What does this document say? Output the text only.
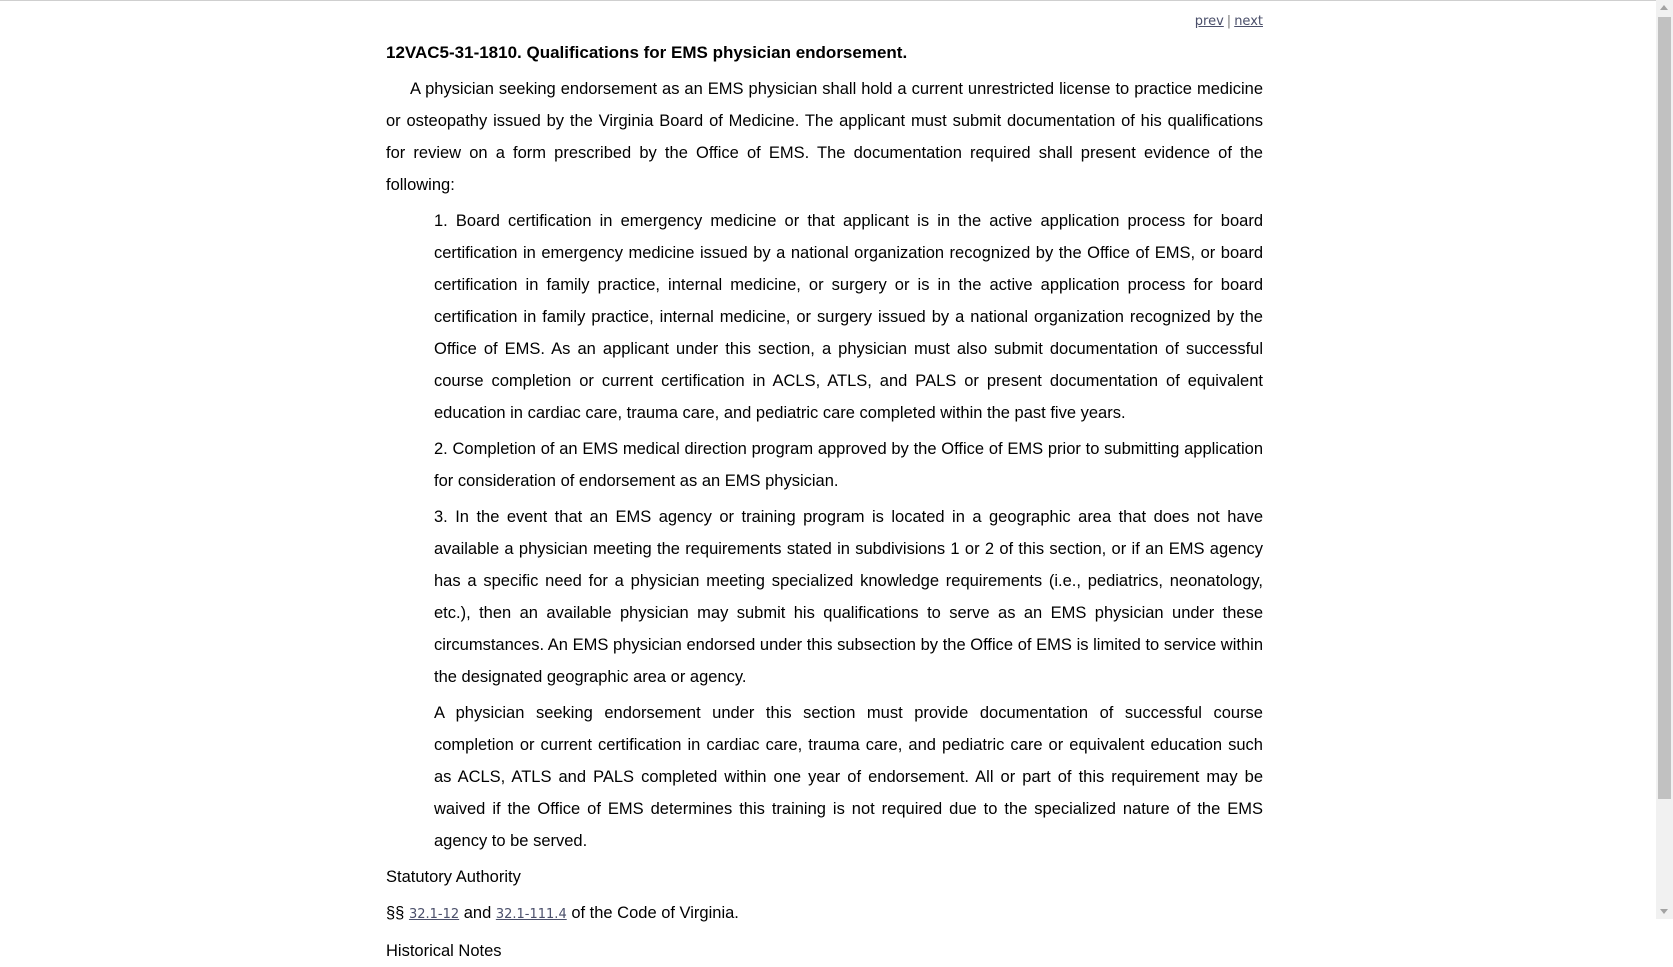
prev | next
12VAC5-31-1810. Qualifications for EMS physician endorsement.

A physician seeking endorsement as an EMS physician shall hold a current unrestricted license to practice medicine or osteopathy issued by the Virginia Board of Medicine. The applicant must submit documentation of his qualifications for review on a form prescribed by the Office of EMS. The documentation required shall present evidence of the following:

1. Board certification in emergency medicine or that applicant is in the active application process for board certification in emergency medicine issued by a national organization recognized by the Office of EMS, or board certification in family practice, internal medicine, or surgery or is in the active application process for board certification in family practice, internal medicine, or surgery issued by a national organization recognized by the Office of EMS. As an applicant under this section, a physician must also submit documentation of successful course completion or current certification in ACLS, ATLS, and PALS or present documentation of equivalent education in cardiac care, trauma care, and pediatric care completed within the past five years.

2. Completion of an EMS medical direction program approved by the Office of EMS prior to submitting application for consideration of endorsement as an EMS physician.

3. In the event that an EMS agency or training program is located in a geographic area that does not have available a physician meeting the requirements stated in subdivisions 1 or 2 of this section, or if an EMS agency has a specific need for a physician meeting specialized knowledge requirements (i.e., pediatrics, neonatology, etc.), then an available physician may submit his qualifications to serve as an EMS physician under these circumstances. An EMS physician endorsed under this subsection by the Office of EMS is limited to service within the designated geographic area or agency.

A physician seeking endorsement under this section must provide documentation of successful course completion or current certification in cardiac care, trauma care, and pediatric care or equivalent education such as ACLS, ATLS and PALS completed within one year of endorsement. All or part of this requirement may be waived if the Office of EMS determines this training is not required due to the specialized nature of the EMS agency to be served.

Statutory Authority

§§ 32.1-12 and 32.1-111.4 of the Code of Virginia.

Historical Notes
